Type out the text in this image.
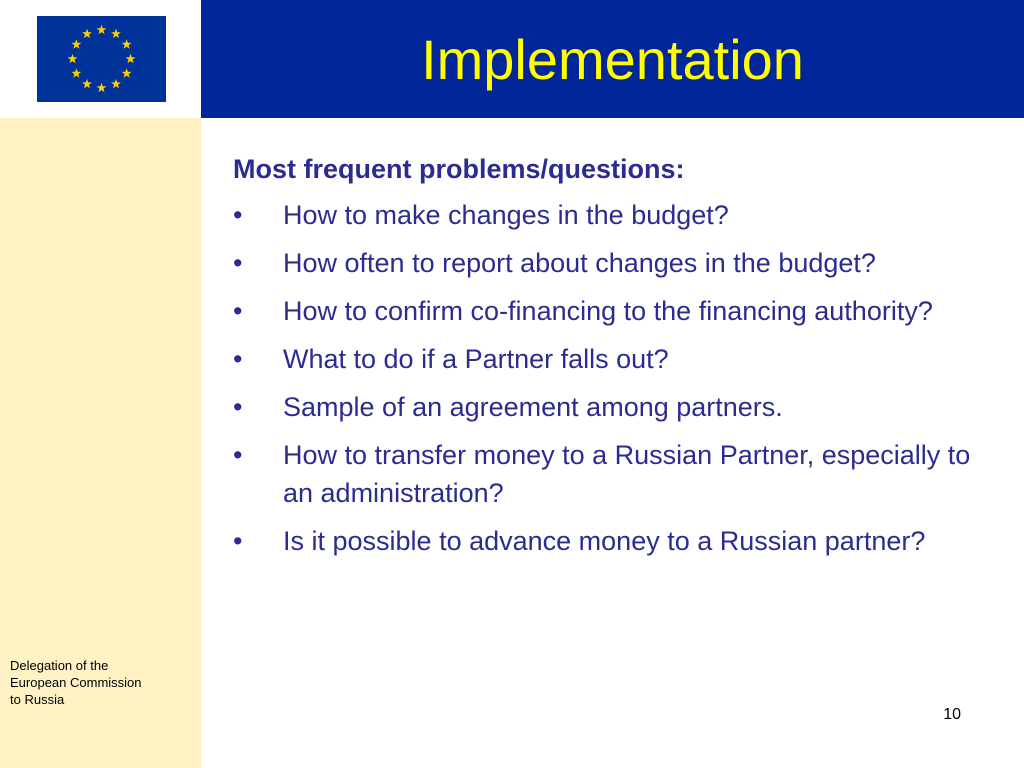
Implementation

Most frequent problems/questions:

• How to make changes in the budget?
• How often to report about changes in the budget?
• How to confirm co-financing to the financing authority?
• What to do if a Partner falls out?
• Sample of an agreement among partners.
• How to transfer money to a Russian Partner, especially to an administration?
• Is it possible to advance money to a Russian partner?

Delegation of the
European Commission
to Russia

10
